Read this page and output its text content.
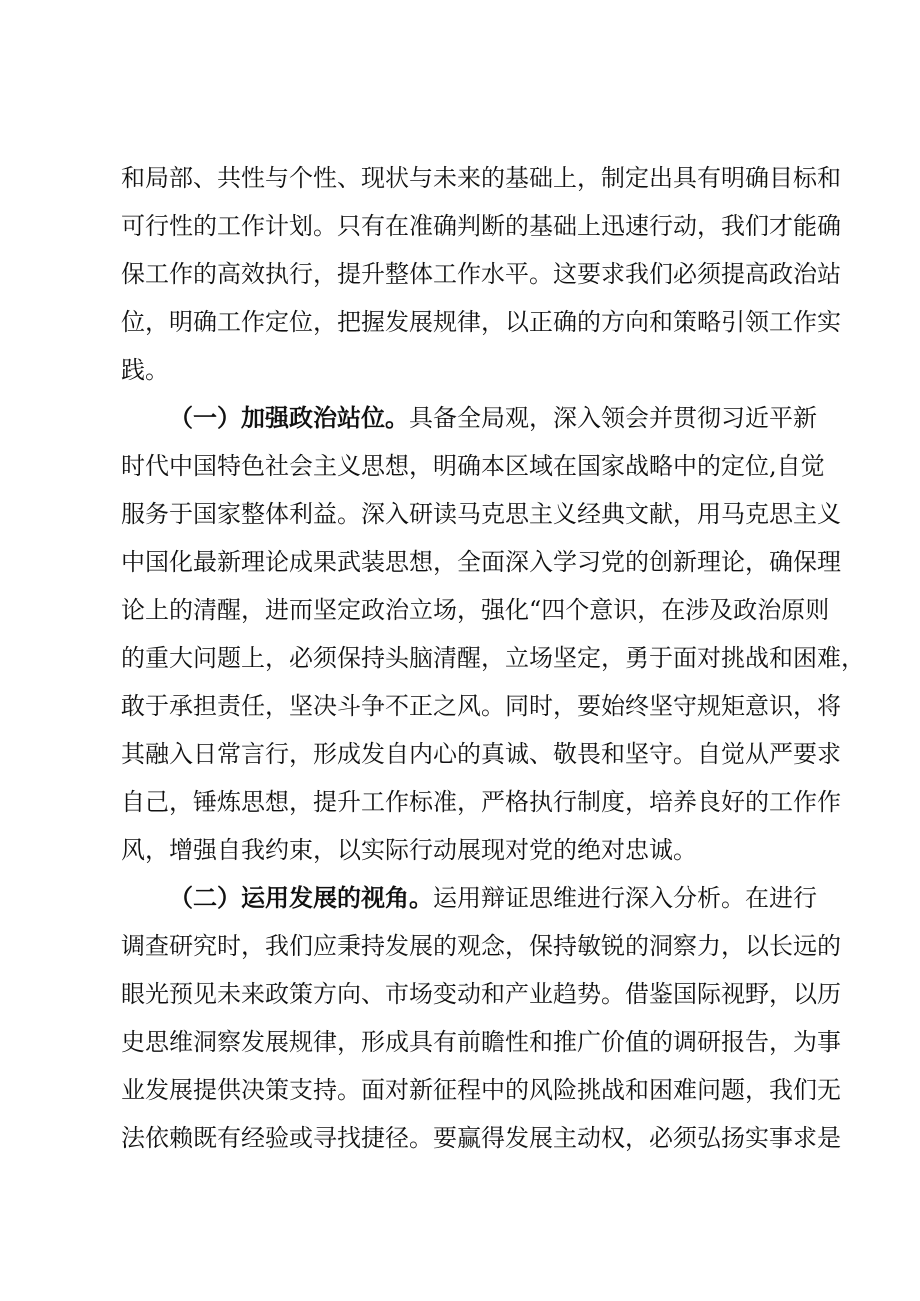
和局部、共性与个性、现状与未来的基础上，制定出具有明确目标和
可行性的工作计划。只有在准确判断的基础上迅速行动，我们才能确
保工作的高效执行，提升整体工作水平。这要求我们必须提高政治站
位，明确工作定位，把握发展规律，以正确的方向和策略引领工作实
践。
（一）加强政治站位。具备全局观，深入领会并贯彻习近平新
时代中国特色社会主义思想，明确本区域在国家战略中的定位,自觉
服务于国家整体利益。深入研读马克思主义经典文献，用马克思主义
中国化最新理论成果武装思想，全面深入学习党的创新理论，确保理
论上的清醒，进而坚定政治立场，强化“四个意识，在涉及政治原则
的重大问题上，必须保持头脑清醒，立场坚定，勇于面对挑战和困难，
敢于承担责任，坚决斗争不正之风。同时，要始终坚守规矩意识，将
其融入日常言行，形成发自内心的真诚、敬畏和坚守。自觉从严要求
自己，锤炼思想，提升工作标准，严格执行制度，培养良好的工作作
风，增强自我约束，以实际行动展现对党的绝对忠诚。
（二）运用发展的视角。运用辩证思维进行深入分析。在进行
调查研究时，我们应秉持发展的观念，保持敏锐的洞察力，以长远的
眼光预见未来政策方向、市场变动和产业趋势。借鉴国际视野，以历
史思维洞察发展规律，形成具有前瞻性和推广价值的调研报告，为事
业发展提供决策支持。面对新征程中的风险挑战和困难问题，我们无
法依赖既有经验或寻找捷径。要赢得发展主动权，必须弘扬实事求是
